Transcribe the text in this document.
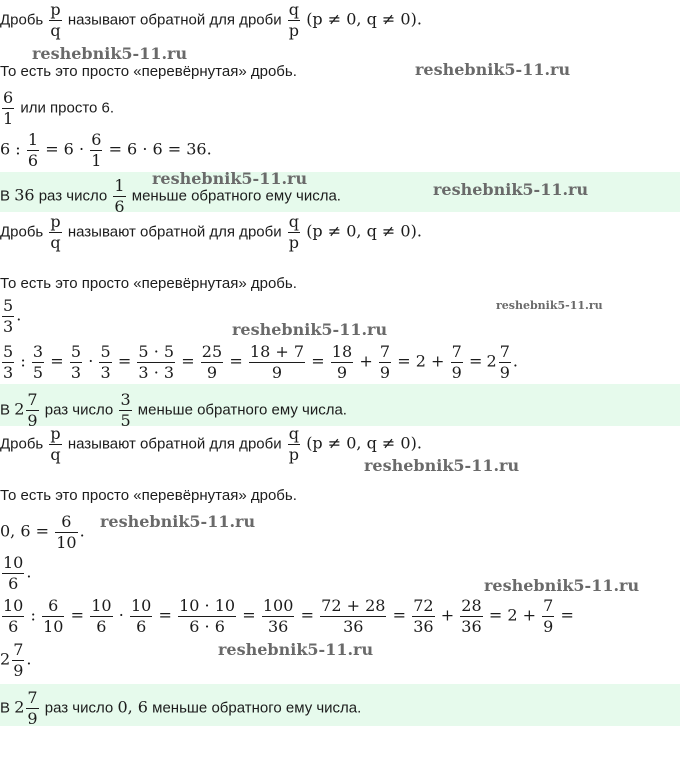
Дробь $\frac{p}{q}$ называют обратной для дроби $\frac{q}{p} (p \ne 0$, q ≠ 0).
reshebnik5-11.ru
То есть это просто «перевёрнутая» дробь.	reshebnik5-11.ru
$\frac{6}{1}$ или просто 6.
6 : $\frac{1}{6} = 6 \cdot \frac{6}{1} = 6 \cdot 6 = 36$.
В 36 раз число $\frac{1}{6}$ меньше обратного ему числа.
reshebnik5-11.ru
reshebnik5-11.ru
Дробь $\frac{p}{q}$ называют обратной для дроби $\frac{q}{p} (p \ne 0$, q ≠ 0).
То есть это просто «перевёрнутая» дробь.
$\frac{5}{3}$ .	reshebnik5-11.ru
reshebnik5-11.ru
$\frac{5}{3}$ : $\frac{3}{5} = \frac{5}{3} \cdot \frac{5}{3} = \frac{5 \cdot 5}{3 \cdot 3} = \frac{25}{9} = \frac{18 + 7}{9} = \frac{18}{9} + \frac{7}{9} = 2 + \frac{7}{9} = 2 \frac{7}{9}$ .
В $2 \frac{7}{9}$ раз число $\frac{3}{5}$ меньше обратного ему числа.
Дробь $\frac{p}{q}$ называют обратной для дроби $\frac{q}{p} (p \ne 0$, q ≠ 0).
reshebnik5-11.ru
То есть это просто «перевёрнутая» дробь.
0, $6 = \frac{6}{10}$ . reshebnik5-11.ru
$\frac{10}{6}$ .
reshebnik5-11.ru
$\frac{10}{6}$ : $\frac{6}{10} = \frac{10}{6} \cdot \frac{10}{6} = \frac{10 \cdot 10}{6 \cdot 6} = \frac{100}{36} = \frac{72 + 28}{36} = \frac{72}{36} + \frac{28}{36} = 2 + \frac{7}{9}$ =
$2 \frac{7}{9}$ .	reshebnik5-11.ru
В $2 \frac{7}{9}$ раз число 0, 6 меньше обратного ему числа.
